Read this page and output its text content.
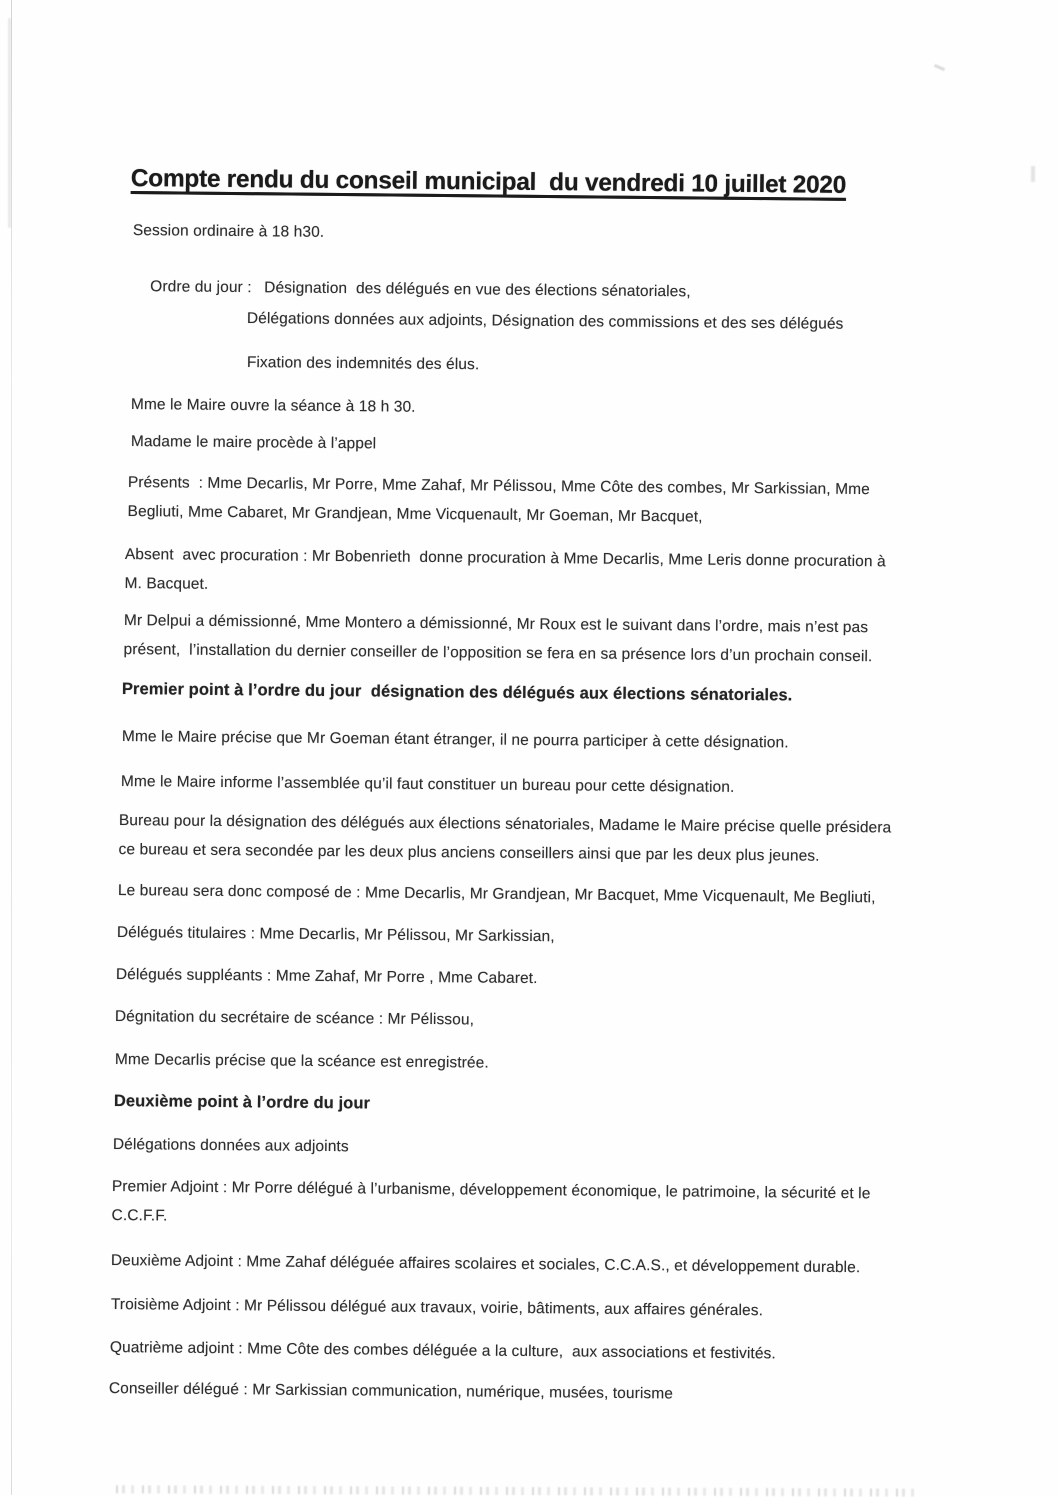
Compte rendu du conseil municipal  du vendredi 10 juillet 2020

Session ordinaire à 18 h30.

Ordre du jour : Désignation  des délégués en vue des élections sénatoriales,

Délégations données aux adjoints, Désignation des commissions et des ses délégués

Fixation des indemnités des élus.

Mme le Maire ouvre la séance à 18 h 30.

Madame le maire procède à l’appel

Présents  : Mme Decarlis, Mr Porre, Mme Zahaf, Mr Pélissou, Mme Côte des combes, Mr Sarkissian, Mme
Begliuti, Mme Cabaret, Mr Grandjean, Mme Vicquenault, Mr Goeman, Mr Bacquet,

Absent  avec procuration : Mr Bobenrieth  donne procuration à Mme Decarlis, Mme Leris donne procuration à
M. Bacquet.

Mr Delpui a démissionné, Mme Montero a démissionné, Mr Roux est le suivant dans l’ordre, mais n’est pas
présent,  l’installation du dernier conseiller de l’opposition se fera en sa présence lors d’un prochain conseil.

Premier point à l’ordre du jour  désignation des délégués aux élections sénatoriales.

Mme le Maire précise que Mr Goeman étant étranger, il ne pourra participer à cette désignation.

Mme le Maire informe l’assemblée qu’il faut constituer un bureau pour cette désignation.

Bureau pour la désignation des délégués aux élections sénatoriales, Madame le Maire précise quelle présidera
ce bureau et sera secondée par les deux plus anciens conseillers ainsi que par les deux plus jeunes.

Le bureau sera donc composé de : Mme Decarlis, Mr Grandjean, Mr Bacquet, Mme Vicquenault, Me Begliuti,

Délégués titulaires : Mme Decarlis, Mr Pélissou, Mr Sarkissian,

Délégués suppléants : Mme Zahaf, Mr Porre , Mme Cabaret.

Dégnitation du secrétaire de scéance : Mr Pélissou,

Mme Decarlis précise que la scéance est enregistrée.

Deuxième point à l’ordre du jour

Délégations données aux adjoints

Premier Adjoint : Mr Porre délégué à l’urbanisme, développement économique, le patrimoine, la sécurité et le
C.C.F.F.

Deuxième Adjoint : Mme Zahaf déléguée affaires scolaires et sociales, C.C.A.S., et développement durable.

Troisième Adjoint : Mr Pélissou délégué aux travaux, voirie, bâtiments, aux affaires générales.

Quatrième adjoint : Mme Côte des combes déléguée a la culture,  aux associations et festivités.

Conseiller délégué : Mr Sarkissian communication, numérique, musées, tourisme
